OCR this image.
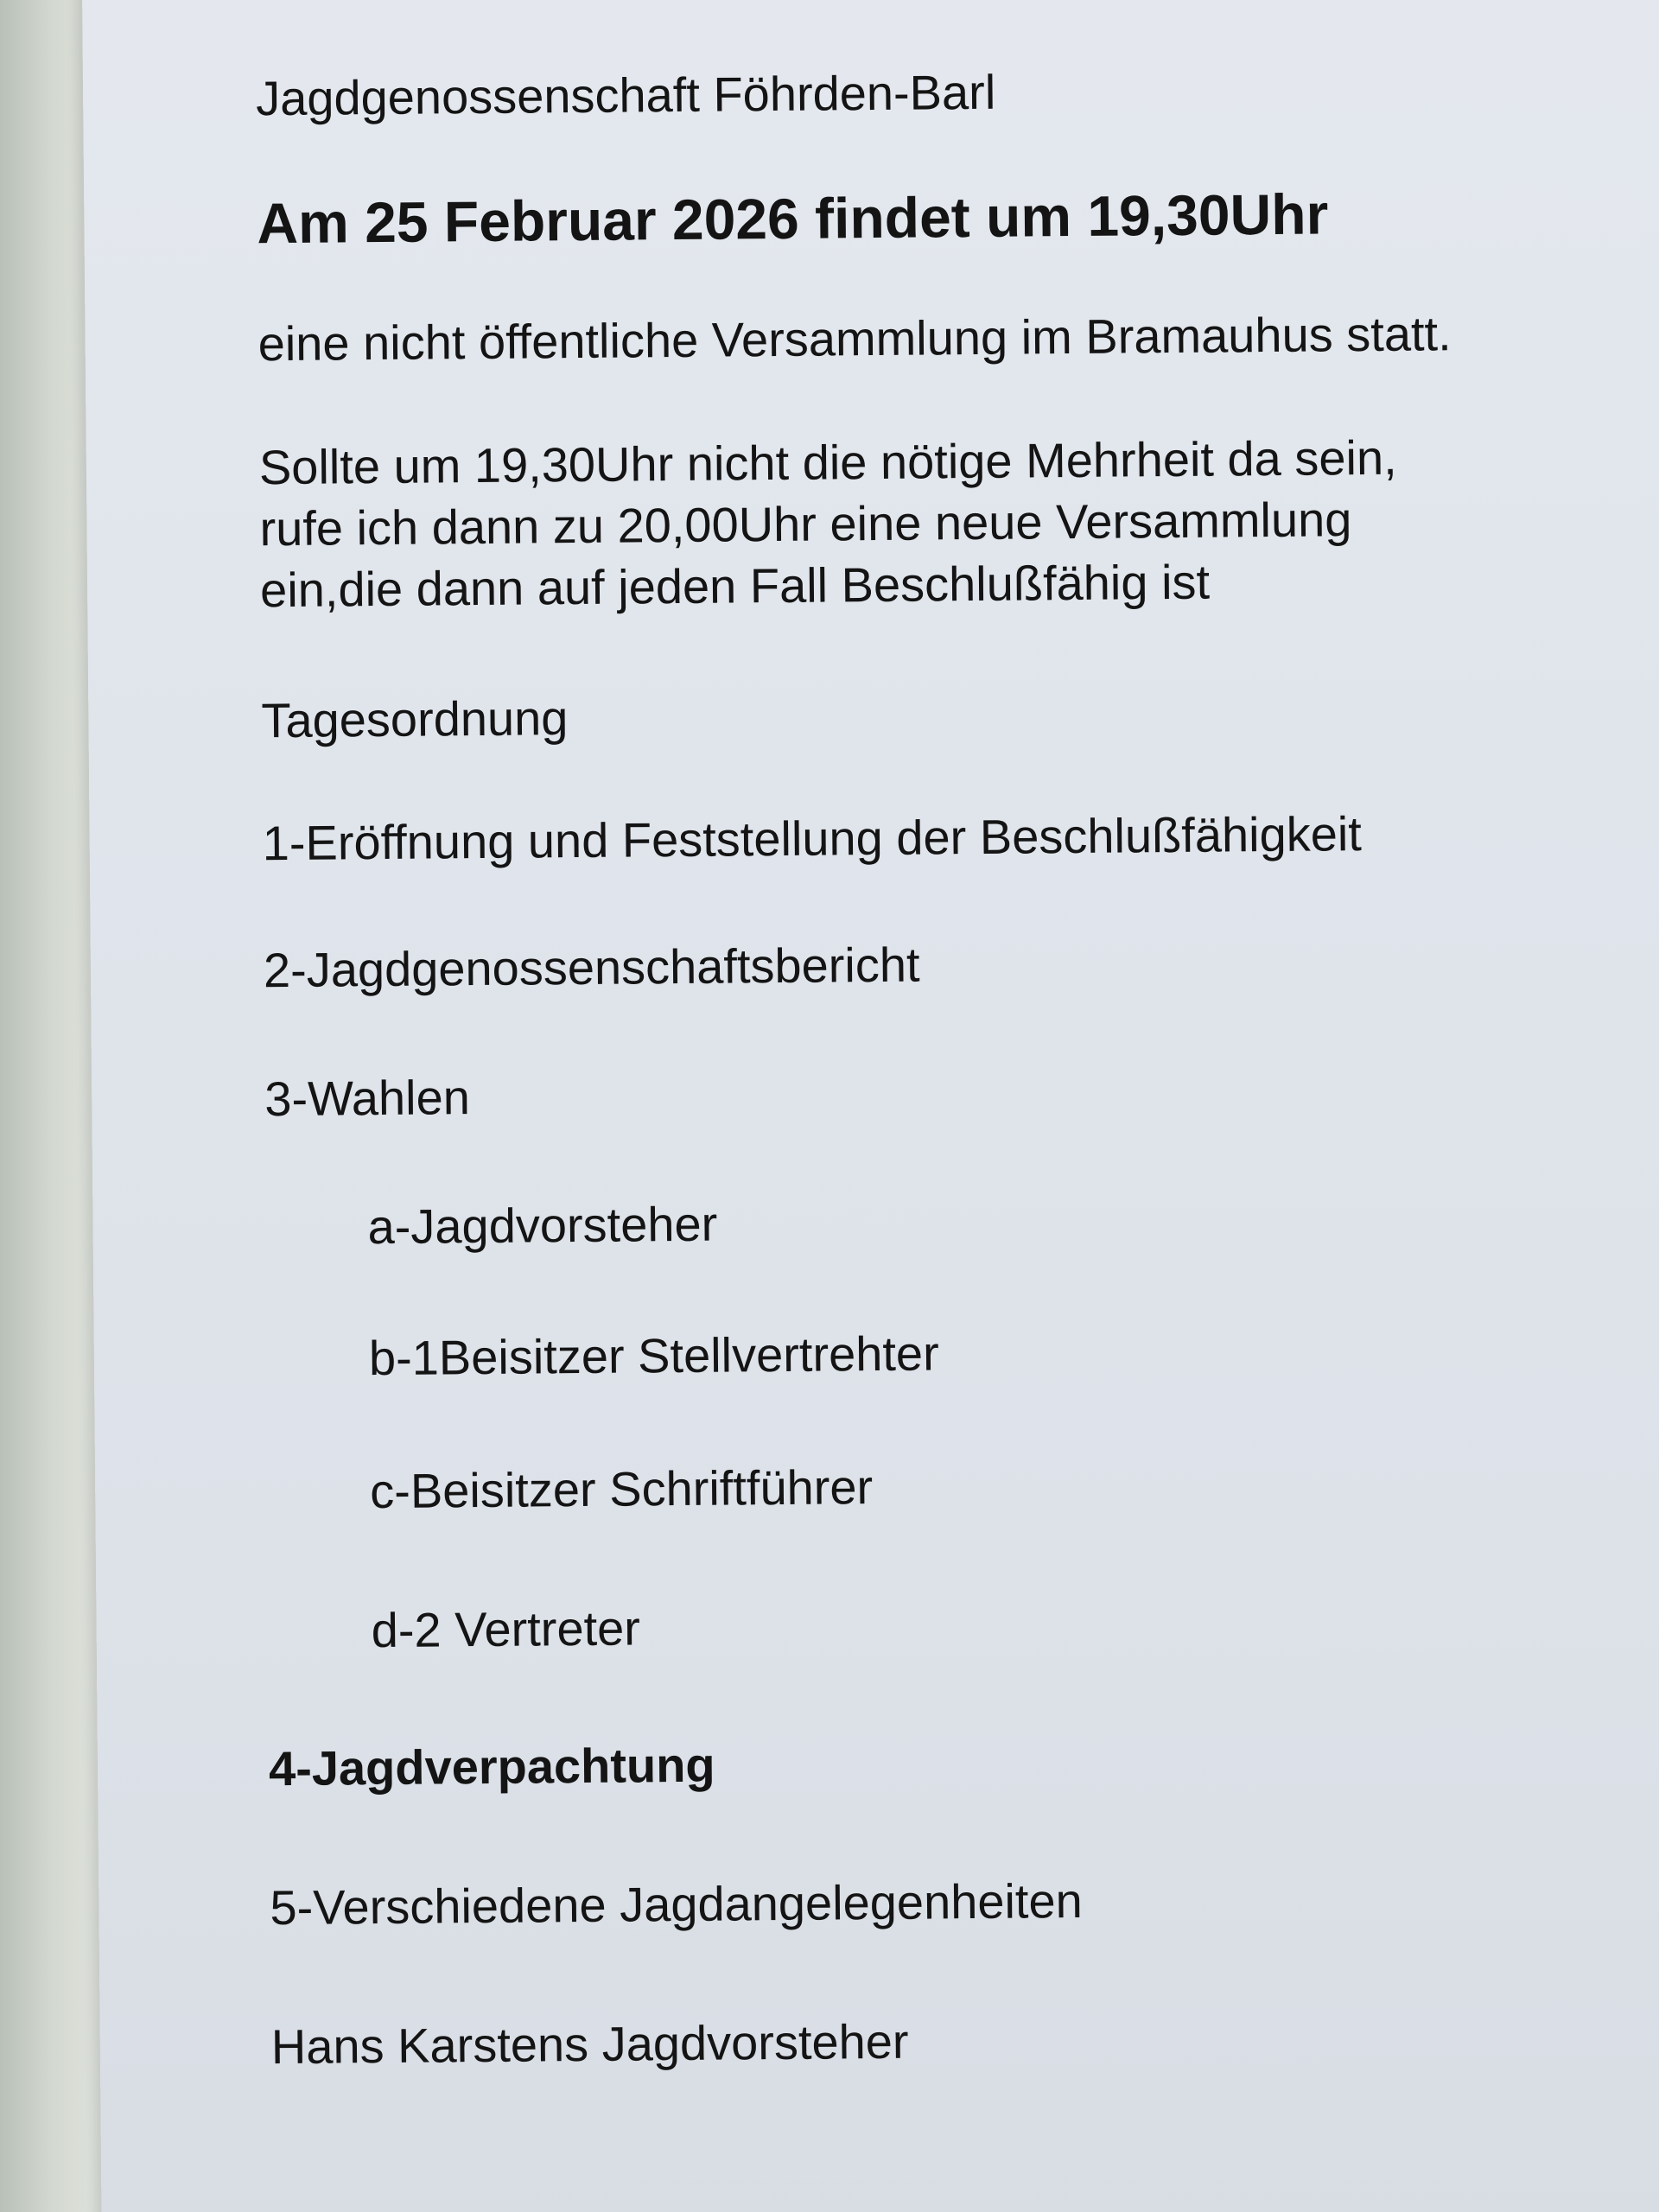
Jagdgenossenschaft Föhrden-Barl
Am 25 Februar 2026 findet um 19,30Uhr
eine nicht öffentliche Versammlung im Bramauhus statt.
Sollte um 19,30Uhr nicht die nötige Mehrheit da sein,
rufe ich dann zu 20,00Uhr eine neue Versammlung
ein,die dann auf jeden Fall Beschlußfähig ist
Tagesordnung
1-Eröffnung und Feststellung der Beschlußfähigkeit
2-Jagdgenossenschaftsbericht
3-Wahlen
a-Jagdvorsteher
b-1Beisitzer Stellvertrehter
c-Beisitzer Schriftführer
d-2 Vertreter
4-Jagdverpachtung
5-Verschiedene Jagdangelegenheiten
Hans Karstens Jagdvorsteher
